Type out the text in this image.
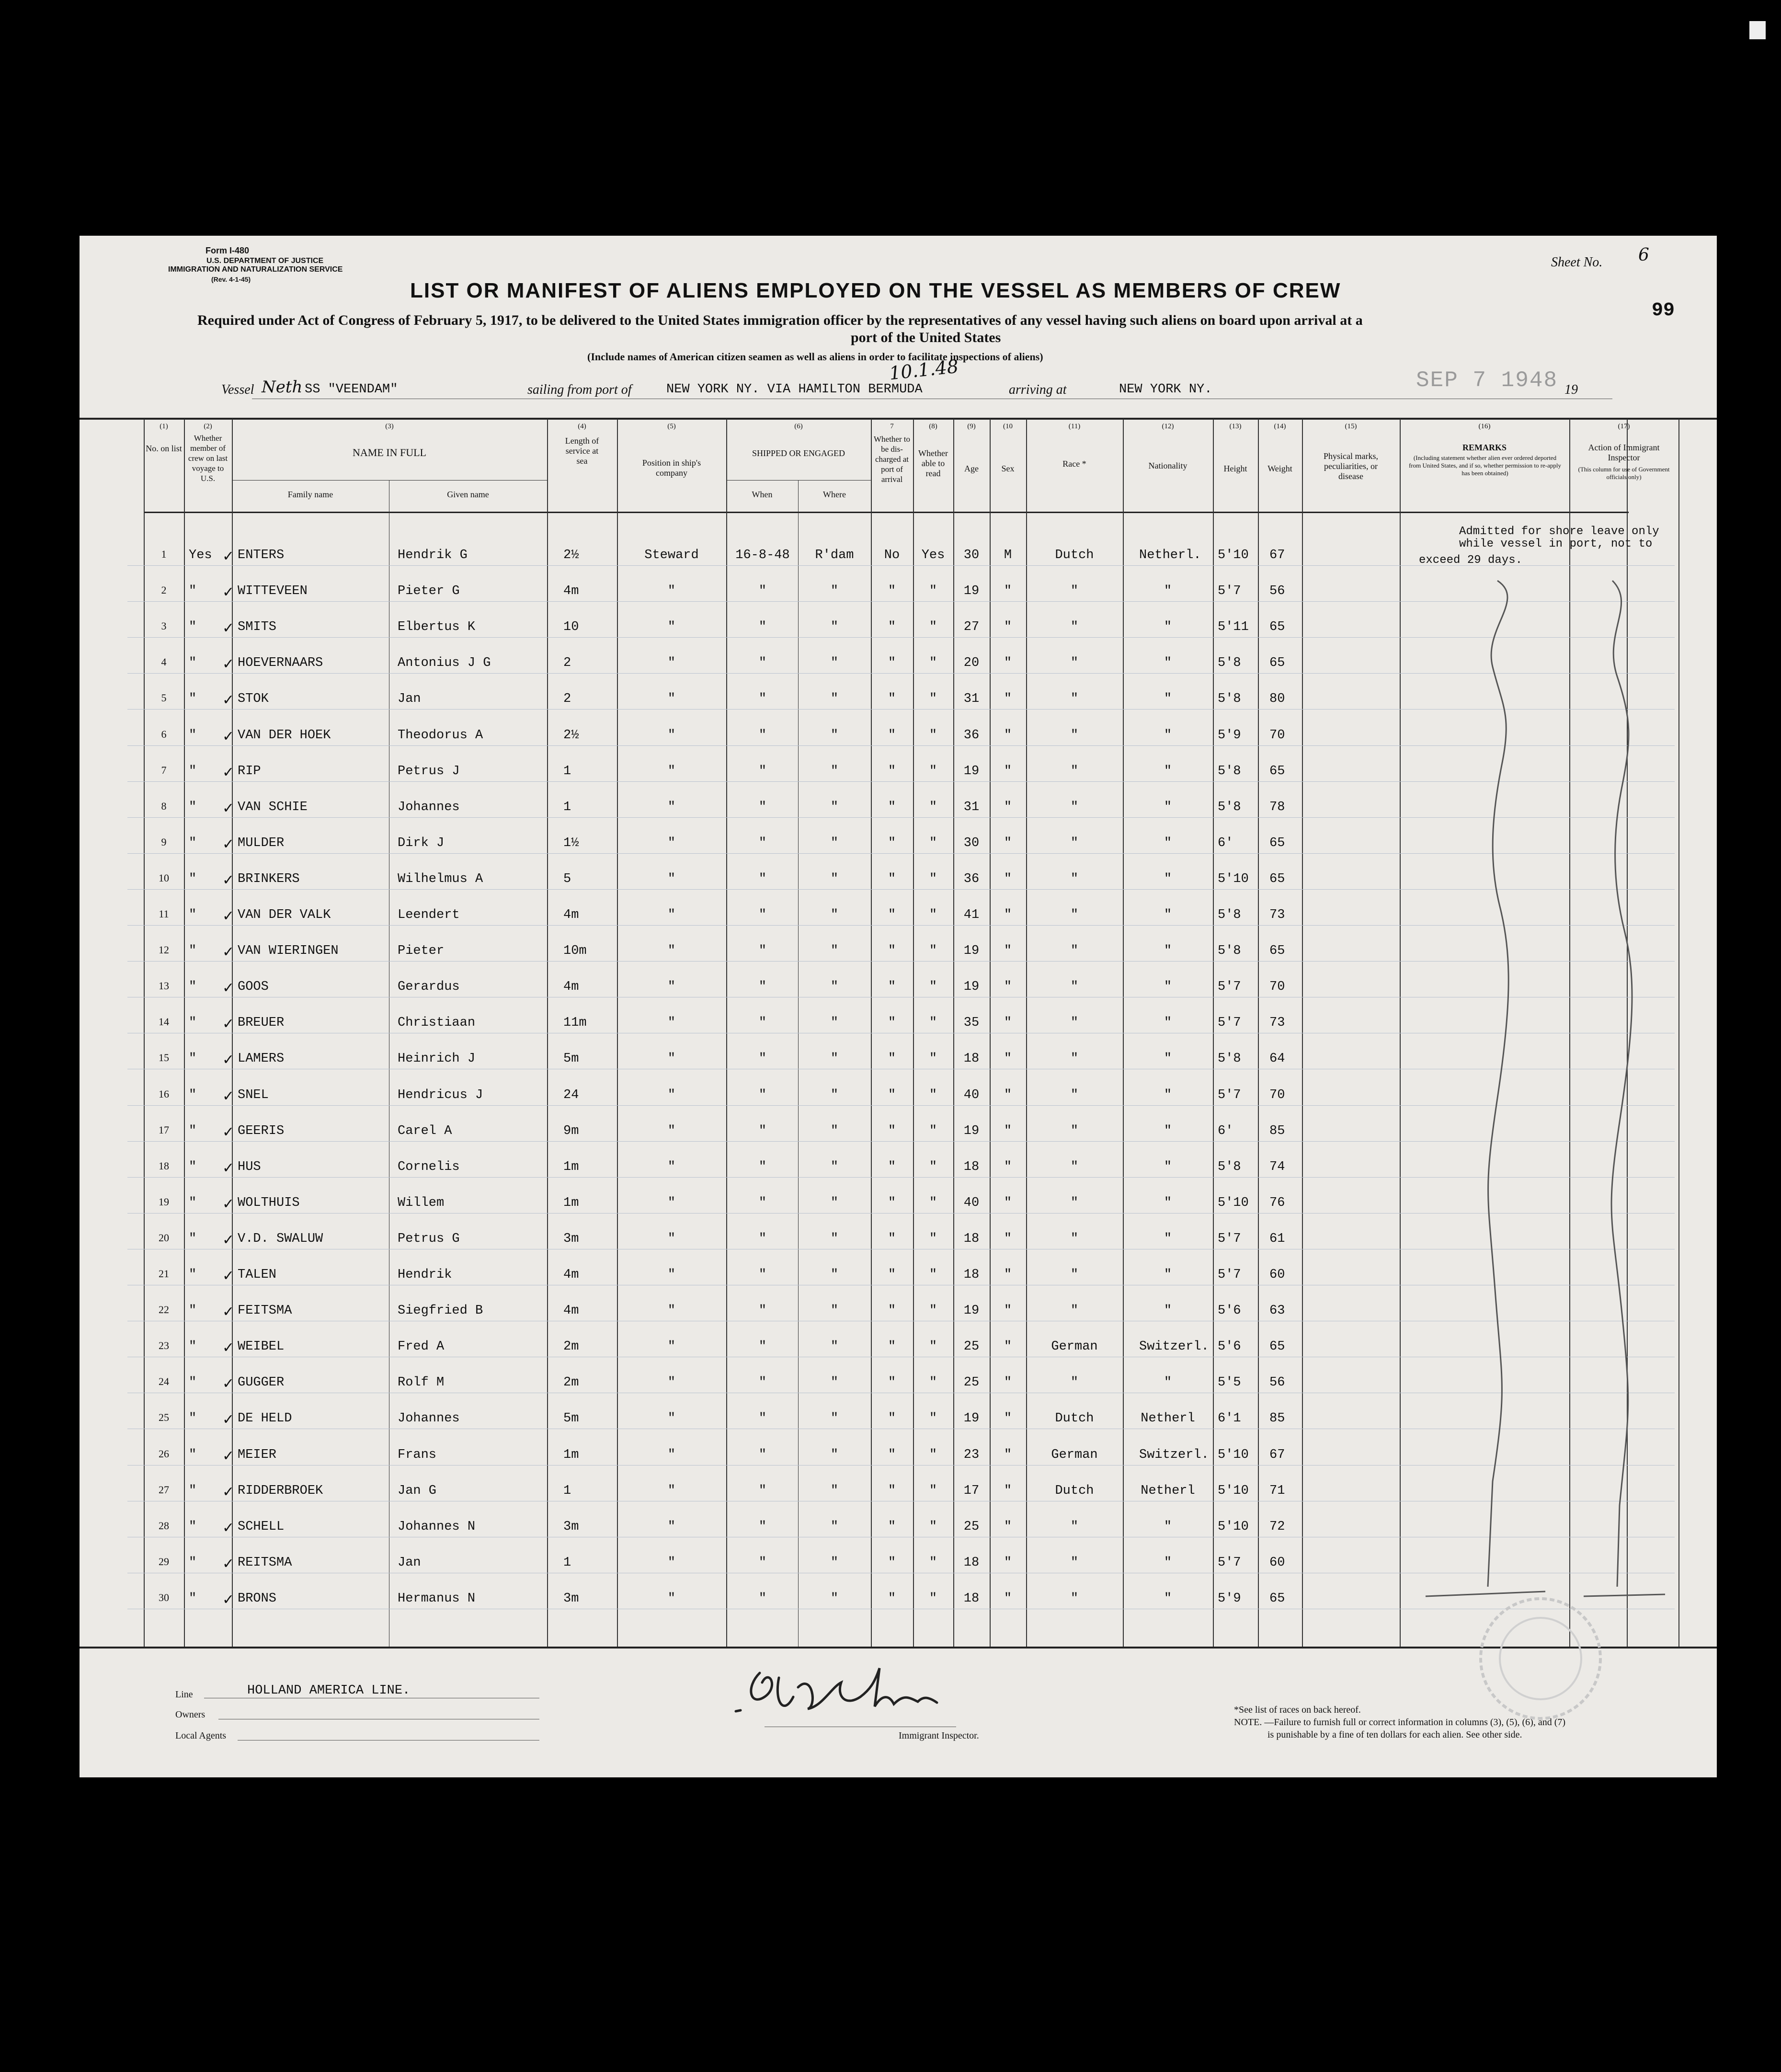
Form I-480
U.S. DEPARTMENT OF JUSTICE
IMMIGRATION AND NATURALIZATION SERVICE
(Rev. 4-1-45)	LIST OR MANIFEST OF ALIENS EMPLOYED ON THE VESSEL AS MEMBERS OF CREW
Required under Act of Congress of February 5, 1917, to be delivered to the United States immigration officer by the representatives of any vessel having such aliens on board upon arrival at a
port of the United States
(Include names of American citizen seamen as well as aliens in order to facilitate inspections of aliens)
Sheet No. 6
99
Vessel Neth SS "VEENDAM"	sailing from port of	NEW YORK NY. VIA HAMILTON BERMUDA
10.1.48
arriving at	NEW YORK NY.	SEP 7 1948 19
(1)
No. on list
(2)
Whether member of crew on last voyage to U.S.
(3)
NAME IN FULL
Family name	Given name
(4)
Length of service at sea
(5)
Position in ship's company
(6)
SHIPPED OR ENGAGED
When	Where
7
Whether to be dis-charged at port of arrival
(8)
Whether able to read
(9)
Age
(10
Sex
(11)
Race *
(12)
Nationality
(13)
Height
(14)
Weight
(15)
Physical marks, peculiarities, or disease
(16)
REMARKS
(Including statement whether alien ever ordered deported from United States, and if so, whether permission to re-apply has been obtained)
(17)
Action of Immigrant Inspector
(This column for use of Government officials only)
✓
1	Yes ENTERS	Hendrik G	2½	Steward	16-8-48	R'dam	No	Yes	30	M	Dutch	Netherl. 5'10 67
✓
2	"	WITTEVEEN	Pieter G	4m	"	"	"	"	"	19	"	"	"	5'7 56
✓
3	"	SMITS	Elbertus K	10	"	"	"	"	"	27	"	"	"	5'11 65
✓
4	"	HOEVERNAARS	Antonius J G	2	"	"	"	"	"	20	"	"	"	5'8 65
✓
5	"	STOK	Jan	2	"	"	"	"	"	31	"	"	"	5'8 80
✓
6	"	VAN DER HOEK	Theodorus A	2½	"	"	"	"	"	36	"	"	"	5'9 70
✓
7	"	RIP	Petrus J	1	"	"	"	"	"	19	"	"	"	5'8 65
✓
8	"	VAN SCHIE	Johannes	1	"	"	"	"	"	31	"	"	"	5'8 78
✓
9	"	MULDER	Dirk J	1½	"	"	"	"	"	30	"	"	"	6'	65
✓
10	"	BRINKERS	Wilhelmus A	5	"	"	"	"	"	36	"	"	"	5'10 65
✓
11	"	VAN DER VALK	Leendert	4m	"	"	"	"	"	41	"	"	"	5'8 73
✓
12	"	VAN WIERINGEN	Pieter	10m	"	"	"	"	"	19	"	"	"	5'8 65
✓
13	"	GOOS	Gerardus	4m	"	"	"	"	"	19	"	"	"	5'7 70
✓
14	"	BREUER	Christiaan	11m	"	"	"	"	"	35	"	"	"	5'7 73
✓
15	"	LAMERS	Heinrich J	5m	"	"	"	"	"	18	"	"	"	5'8 64
✓
16	"	SNEL	Hendricus J	24	"	"	"	"	"	40	"	"	"	5'7 70
✓
17	"	GEERIS	Carel A	9m	"	"	"	"	"	19	"	"	"	6'	85
✓
18	"	HUS	Cornelis	1m	"	"	"	"	"	18	"	"	"	5'8 74
✓
19	"	WOLTHUIS	Willem	1m	"	"	"	"	"	40	"	"	"	5'10 76
✓
20	"	V.D. SWALUW	Petrus G	3m	"	"	"	"	"	18	"	"	"	5'7 61
✓
21	"	TALEN	Hendrik	4m	"	"	"	"	"	18	"	"	"	5'7 60
✓
22	"	FEITSMA	Siegfried B	4m	"	"	"	"	"	19	"	"	"	5'6 63
✓
23	"	WEIBEL	Fred A	2m	"	"	"	"	"	25	"	German	Switzerl. 5'6 65
✓
24	"	GUGGER	Rolf M	2m	"	"	"	"	"	25	"	"	"	5'5 56
✓
25	"	DE HELD	Johannes	5m	"	"	"	"	"	19	"	Dutch	Netherl 6'1 85
✓
26	"	MEIER	Frans	1m	"	"	"	"	"	23	"	German	Switzerl. 5'10 67
✓
27	"	RIDDERBROEK	Jan G	1	"	"	"	"	"	17	"	Dutch	Netherl 5'10 71
✓
28	"	SCHELL	Johannes N	3m	"	"	"	"	"	25	"	"	"	5'10 72
✓
29	"	REITSMA	Jan	1	"	"	"	"	"	18	"	"	"	5'7 60
✓
30	"	BRONS	Hermanus N	3m	"	"	"	"	"	18	"	"	"	5'9 65
Admitted for shore leave only
while vessel in port, not to
exceed 29 days.
Line	HOLLAND AMERICA LINE.
Owners
Local Agents	Immigrant Inspector.
*See list of races on back hereof.
NOTE. —Failure to furnish full or correct information in columns (3), (5), (6), and (7)
is punishable by a fine of ten dollars for each alien. See other side.
